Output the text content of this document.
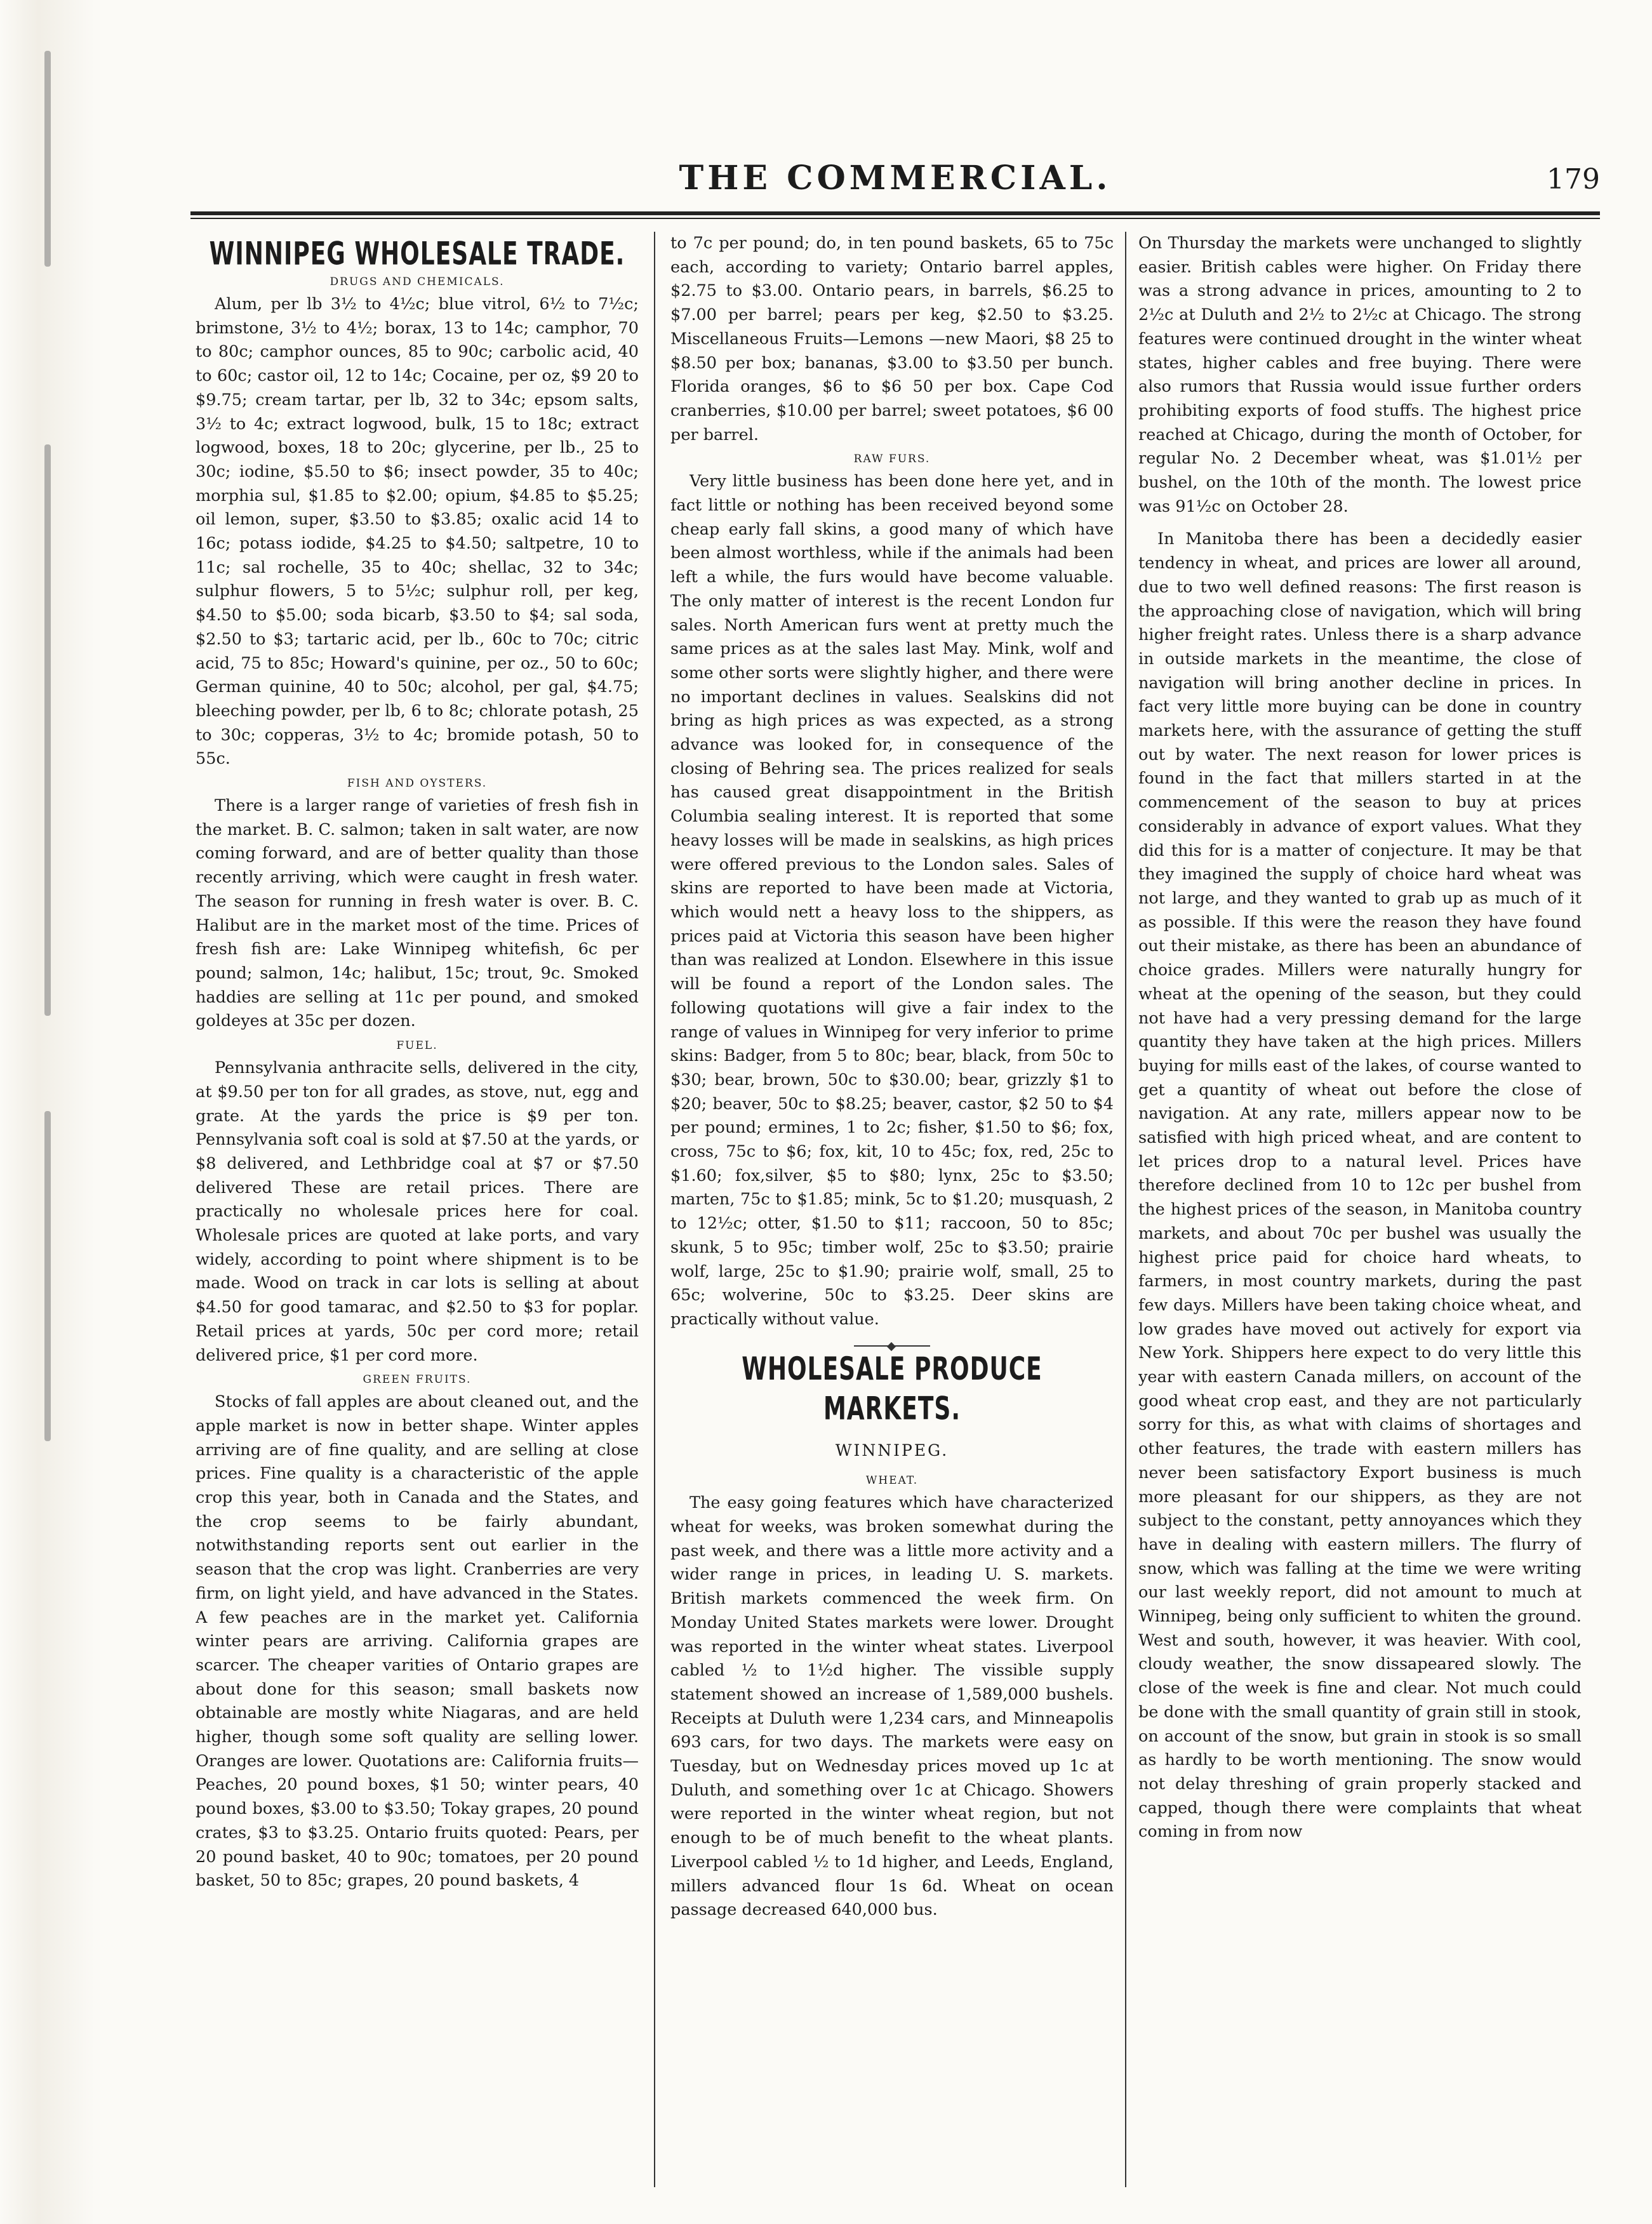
THE COMMERCIAL.	179
WINNIPEG WHOLESALE TRADE.
DRUGS AND CHEMICALS.

Alum, per lb 3½ to 4½c; blue vitrol, 6½ to 7½c; brimstone, 3½ to 4½; borax, 13 to 14c; camphor, 70 to 80c; camphor ounces, 85 to 90c; carbolic acid, 40 to 60c; castor oil, 12 to 14c; Cocaine, per oz, $9 20 to $9.75; cream tartar, per lb, 32 to 34c; epsom salts, 3½ to 4c; extract logwood, bulk, 15 to 18c; extract logwood, boxes, 18 to 20c; glycerine, per lb., 25 to 30c; iodine, $5.50 to $6; insect powder, 35 to 40c; morphia sul, $1.85 to $2.00; opium, $4.85 to $5.25; oil lemon, super, $3.50 to $3.85; oxalic acid 14 to 16c; potass iodide, $4.25 to $4.50; saltpetre, 10 to 11c; sal rochelle, 35 to 40c; shellac, 32 to 34c; sulphur flowers, 5 to 5½c; sulphur roll, per keg, $4.50 to $5.00; soda bicarb, $3.50 to $4; sal soda, $2.50 to $3; tartaric acid, per lb., 60c to 70c; citric acid, 75 to 85c; Howard's quinine, per oz., 50 to 60c; German quinine, 40 to 50c; alcohol, per gal, $4.75; bleeching powder, per lb, 6 to 8c; chlorate potash, 25 to 30c; copperas, 3½ to 4c; bromide potash, 50 to 55c.

FISH AND OYSTERS.

There is a larger range of varieties of fresh fish in the market. B. C. salmon; taken in salt water, are now coming forward, and are of better quality than those recently arriving, which were caught in fresh water. The season for running in fresh water is over. B. C. Halibut are in the market most of the time. Prices of fresh fish are: Lake Winnipeg whitefish, 6c per pound; salmon, 14c; halibut, 15c; trout, 9c. Smoked haddies are selling at 11c per pound, and smoked goldeyes at 35c per dozen.

FUEL.

Pennsylvania anthracite sells, delivered in the city, at $9.50 per ton for all grades, as stove, nut, egg and grate. At the yards the price is $9 per ton. Pennsylvania soft coal is sold at $7.50 at the yards, or $8 delivered, and Lethbridge coal at $7 or $7.50 delivered These are retail prices. There are practically no wholesale prices here for coal. Wholesale prices are quoted at lake ports, and vary widely, according to point where shipment is to be made. Wood on track in car lots is selling at about $4.50 for good tamarac, and $2.50 to $3 for poplar. Retail prices at yards, 50c per cord more; retail delivered price, $1 per cord more.

GREEN FRUITS.

Stocks of fall apples are about cleaned out, and the apple market is now in better shape. Winter apples arriving are of fine quality, and are selling at close prices. Fine quality is a characteristic of the apple crop this year, both in Canada and the States, and the crop seems to be fairly abundant, notwithstanding reports sent out earlier in the season that the crop was light. Cranberries are very firm, on light yield, and have advanced in the States. A few peaches are in the market yet. California winter pears are arriving. California grapes are scarcer. The cheaper varities of Ontario grapes are about done for this season; small baskets now obtainable are mostly white Niagaras, and are held higher, though some soft quality are selling lower. Oranges are lower. Quotations are: California fruits—Peaches, 20 pound boxes, $1 50; winter pears, 40 pound boxes, $3.00 to $3.50; Tokay grapes, 20 pound crates, $3 to $3.25. Ontario fruits quoted: Pears, per 20 pound basket, 40 to 90c; tomatoes, per 20 pound basket, 50 to 85c; grapes, 20 pound baskets, 4

to 7c per pound; do, in ten pound baskets, 65 to 75c each, according to variety; Ontario barrel apples, $2.75 to $3.00. Ontario pears, in barrels, $6.25 to $7.00 per barrel; pears per keg, $2.50 to $3.25. Miscellaneous Fruits—Lemons —new Maori, $8 25 to $8.50 per box; bananas, $3.00 to $3.50 per bunch. Florida oranges, $6 to $6 50 per box. Cape Cod cranberries, $10.00 per barrel; sweet potatoes, $6 00 per barrel.

RAW FURS.

Very little business has been done here yet, and in fact little or nothing has been received beyond some cheap early fall skins, a good many of which have been almost worthless, while if the animals had been left a while, the furs would have become valuable. The only matter of interest is the recent London fur sales. North American furs went at pretty much the same prices as at the sales last May. Mink, wolf and some other sorts were slightly higher, and there were no important declines in values. Sealskins did not bring as high prices as was expected, as a strong advance was looked for, in consequence of the closing of Behring sea. The prices realized for seals has caused great disappointment in the British Columbia sealing interest. It is reported that some heavy losses will be made in sealskins, as high prices were offered previous to the London sales. Sales of skins are reported to have been made at Victoria, which would nett a heavy loss to the shippers, as prices paid at Victoria this season have been higher than was realized at London. Elsewhere in this issue will be found a report of the London sales. The following quotations will give a fair index to the range of values in Winnipeg for very inferior to prime skins: Badger, from 5 to 80c; bear, black, from 50c to $30; bear, brown, 50c to $30.00; bear, grizzly $1 to $20; beaver, 50c to $8.25; beaver, castor, $2 50 to $4 per pound; ermines, 1 to 2c; fisher, $1.50 to $6; fox, cross, 75c to $6; fox, kit, 10 to 45c; fox, red, 25c to $1.60; fox,silver, $5 to $80; lynx, 25c to $3.50; marten, 75c to $1.85; mink, 5c to $1.20; musquash, 2 to 12½c; otter, $1.50 to $11; raccoon, 50 to 85c; skunk, 5 to 95c; timber wolf, 25c to $3.50; prairie wolf, large, 25c to $1.90; prairie wolf, small, 25 to 65c; wolverine, 50c to $3.25. Deer skins are practically without value.

WHOLESALE PRODUCE MARKETS.
WINNIPEG.
WHEAT.

The easy going features which have characterized wheat for weeks, was broken somewhat during the past week, and there was a little more activity and a wider range in prices, in leading U. S. markets. British markets commenced the week firm. On Monday United States markets were lower. Drought was reported in the winter wheat states. Liverpool cabled ½ to 1½d higher. The vissible supply statement showed an increase of 1,589,000 bushels. Receipts at Duluth were 1,234 cars, and Minneapolis 693 cars, for two days. The markets were easy on Tuesday, but on Wednesday prices moved up 1c at Duluth, and something over 1c at Chicago. Showers were reported in the winter wheat region, but not enough to be of much benefit to the wheat plants. Liverpool cabled ½ to 1d higher, and Leeds, England, millers advanced flour 1s 6d. Wheat on ocean passage decreased 640,000 bus.

On Thursday the markets were unchanged to slightly easier. British cables were higher. On Friday there was a strong advance in prices, amounting to 2 to 2½c at Duluth and 2½ to 2½c at Chicago. The strong features were continued drought in the winter wheat states, higher cables and free buying. There were also rumors that Russia would issue further orders prohibiting exports of food stuffs. The highest price reached at Chicago, during the month of October, for regular No. 2 December wheat, was $1.01½ per bushel, on the 10th of the month. The lowest price was 91½c on October 28.

In Manitoba there has been a decidedly easier tendency in wheat, and prices are lower all around, due to two well defined reasons: The first reason is the approaching close of navigation, which will bring higher freight rates. Unless there is a sharp advance in outside markets in the meantime, the close of navigation will bring another decline in prices. In fact very little more buying can be done in country markets here, with the assurance of getting the stuff out by water. The next reason for lower prices is found in the fact that millers started in at the commencement of the season to buy at prices considerably in advance of export values. What they did this for is a matter of conjecture. It may be that they imagined the supply of choice hard wheat was not large, and they wanted to grab up as much of it as possible. If this were the reason they have found out their mistake, as there has been an abundance of choice grades. Millers were naturally hungry for wheat at the opening of the season, but they could not have had a very pressing demand for the large quantity they have taken at the high prices. Millers buying for mills east of the lakes, of course wanted to get a quantity of wheat out before the close of navigation. At any rate, millers appear now to be satisfied with high priced wheat, and are content to let prices drop to a natural level. Prices have therefore declined from 10 to 12c per bushel from the highest prices of the season, in Manitoba country markets, and about 70c per bushel was usually the highest price paid for choice hard wheats, to farmers, in most country markets, during the past few days. Millers have been taking choice wheat, and low grades have moved out actively for export via New York. Shippers here expect to do very little this year with eastern Canada millers, on account of the good wheat crop east, and they are not particularly sorry for this, as what with claims of shortages and other features, the trade with eastern millers has never been satisfactory Export business is much more pleasant for our shippers, as they are not subject to the constant, petty annoyances which they have in dealing with eastern millers. The flurry of snow, which was falling at the time we were writing our last weekly report, did not amount to much at Winnipeg, being only sufficient to whiten the ground. West and south, however, it was heavier. With cool, cloudy weather, the snow dissapeared slowly. The close of the week is fine and clear. Not much could be done with the small quantity of grain still in stook, on account of the snow, but grain in stook is so small as hardly to be worth mentioning. The snow would not delay threshing of grain properly stacked and capped, though there were complaints that wheat coming in from now
